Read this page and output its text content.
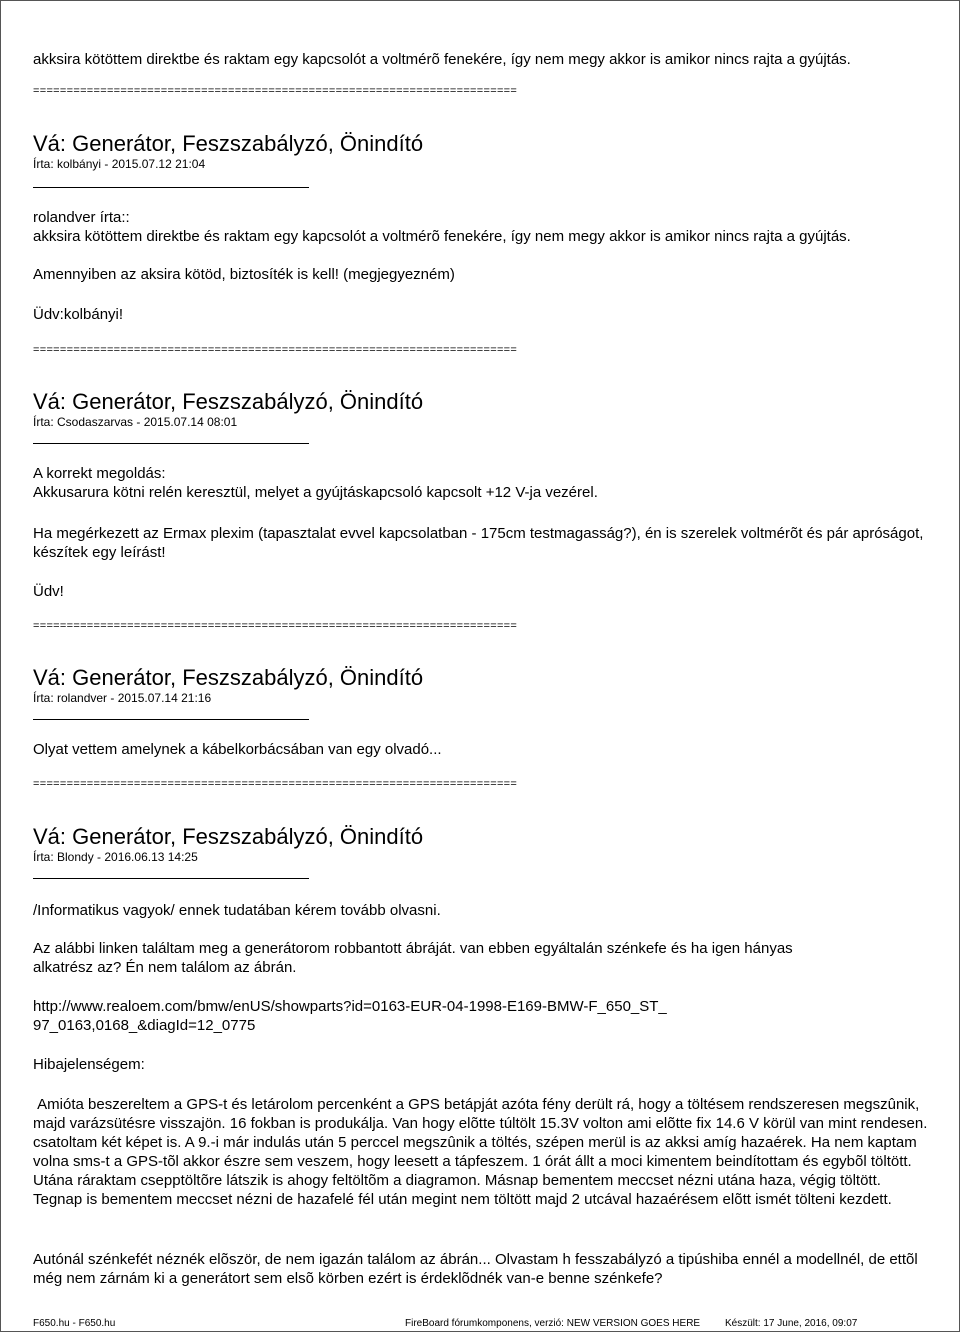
akksira kötöttem direktbe és raktam egy kapcsolót a voltmérõ fenekére, így nem megy akkor is amikor nincs rajta a gyújtás.
========================================================================
Vá: Generátor, Feszszabályzó, Önindító
Írta: kolbányi - 2015.07.12 21:04
rolandver írta::
akksira kötöttem direktbe és raktam egy kapcsolót a voltmérõ fenekére, így nem megy akkor is amikor nincs rajta a gyújtás.
Amennyiben az aksira kötöd, biztosíték is kell! (megjegyezném)
Üdv:kolbányi!
========================================================================
Vá: Generátor, Feszszabályzó, Önindító
Írta: Csodaszarvas - 2015.07.14 08:01
A korrekt megoldás:
Akkusarura kötni relén keresztül, melyet a gyújtáskapcsoló kapcsolt +12 V-ja vezérel.
Ha megérkezett az Ermax plexim (tapasztalat evvel kapcsolatban - 175cm testmagasság?), én is szerelek voltmérõt és pár apróságot, készítek egy leírást!
Üdv!
========================================================================
Vá: Generátor, Feszszabályzó, Önindító
Írta: rolandver - 2015.07.14 21:16
Olyat vettem amelynek a kábelkorbácsában van egy olvadó...
========================================================================
Vá: Generátor, Feszszabályzó, Önindító
Írta: Blondy - 2016.06.13 14:25
/Informatikus vagyok/ ennek tudatában kérem tovább olvasni.
Az alábbi linken találtam meg a generátorom robbantott ábráját. van ebben egyáltalán szénkefe és ha igen hányas alkatrész az? Én nem találom az ábrán.
http://www.realoem.com/bmw/enUS/showparts?id=0163-EUR-04-1998-E169-BMW-F_650_ST_97_0163,0168_&diagId=12_0775
Hibajelenségem:
Amióta beszereltem a GPS-t és letárolom percenként a GPS betápját azóta fény derült rá, hogy a töltésem rendszeresen megszûnik, majd varázsütésre visszajön. 16 fokban is produkálja. Van hogy elõtte túltölt 15.3V volton ami elõtte fix 14.6 V körül van mint rendesen. csatoltam két képet is. A 9.-i már indulás után 5 perccel megszûnik a töltés, szépen merül is az akksi amíg hazaérek. Ha nem kaptam volna sms-t a GPS-tõl akkor észre sem veszem, hogy leesett a tápfeszem. 1 órát állt a moci kimentem beindítottam és egybõl töltött. Utána ráraktam csepptöltõre látszik is ahogy feltöltõm a diagramon. Másnap bementem meccset nézni utána haza, végig töltött. Tegnap is bementem meccset nézni de hazafelé fél után megint nem töltött majd 2 utcával hazaérésem elõtt ismét tölteni kezdett.
Autónál szénkefét néznék elõször, de nem igazán találom az ábrán... Olvastam h fesszabályzó a tipúshiba ennél a modellnél, de ettõl még nem zárnám ki a generátort sem elsõ körben ezért is érdeklõdnék van-e benne szénkefe?
F650.hu - F650.hu	FireBoard fórumkomponens, verzió: NEW VERSION GOES HERE Készült: 17 June, 2016, 09:07
